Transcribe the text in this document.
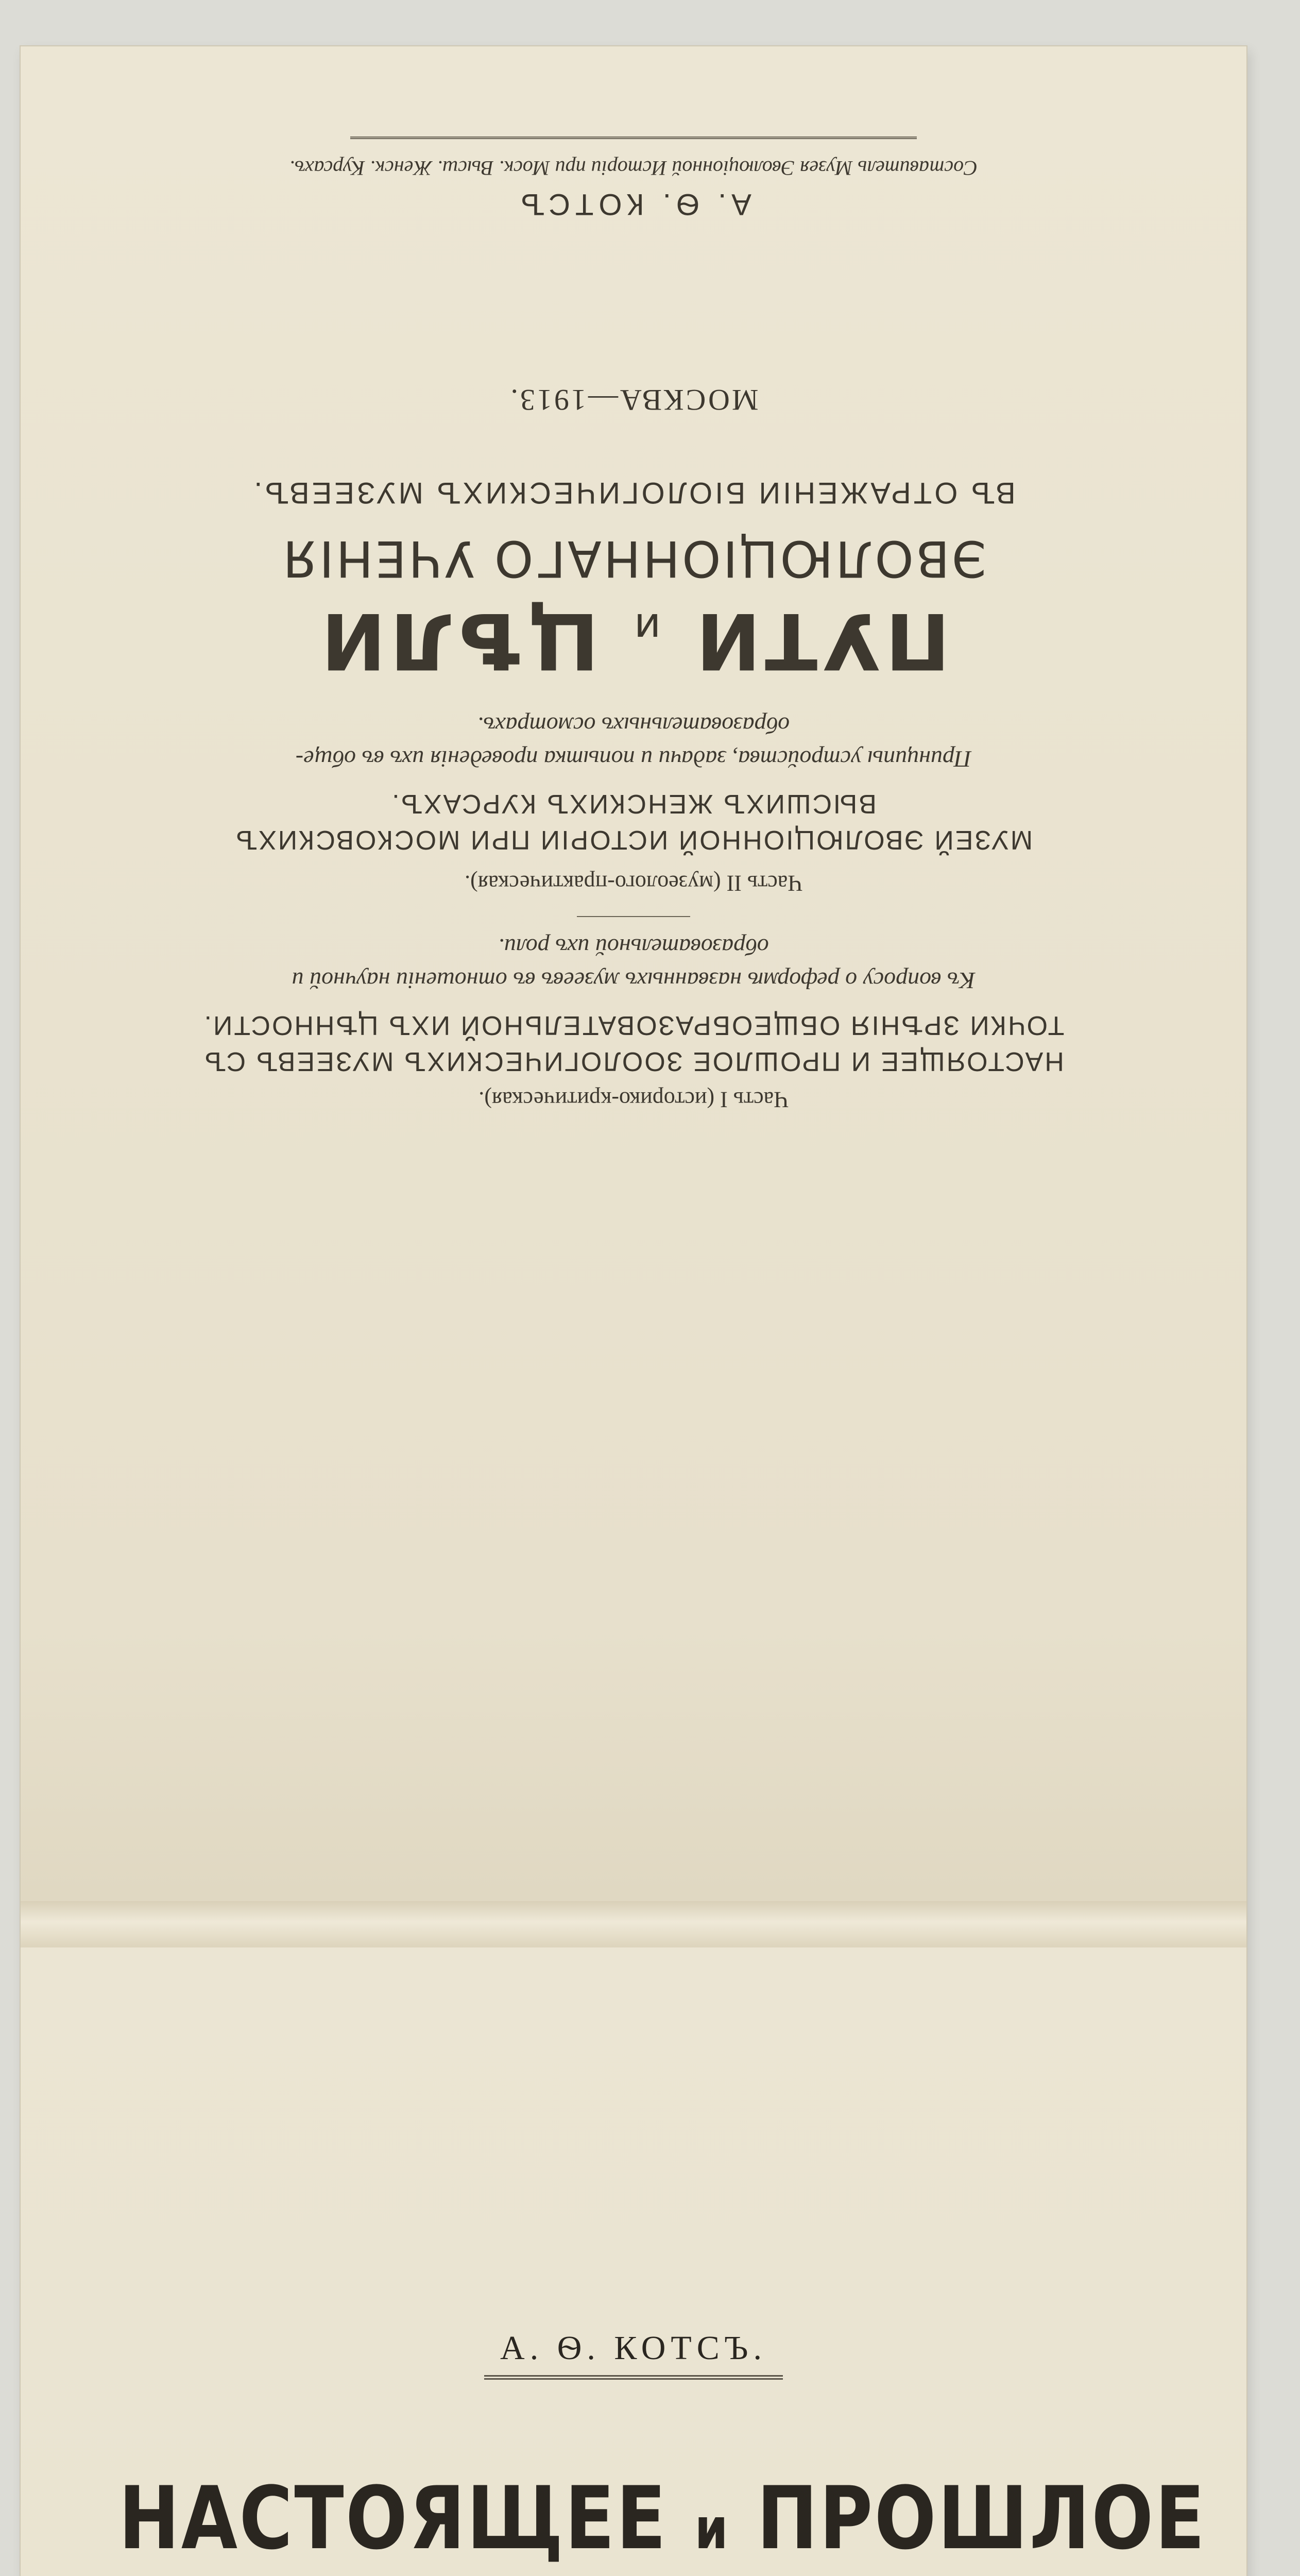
А. Ѳ. КОТСЪ
Составитель Музея Эволюціонной Исторіи при Моск. Высш. Женск. Курсахъ.
ПУТИ и ЦѢЛИ
ЭВОЛЮЦІОННАГО УЧЕНІЯ
ВЪ ОТРАЖЕНІИ БІОЛОГИЧЕСКИХЪ МУЗЕЕВЪ.
Часть I (историко-критическая).
НАСТОЯЩЕЕ И ПРОШЛОЕ ЗООЛОГИЧЕСКИХЪ МУЗЕЕВЪ СЪ
ТОЧКИ ЗРѢНІЯ ОБЩЕОБРАЗОВАТЕЛЬНОЙ ИХЪ ЦѢННОСТИ.
Къ вопросу о реформѣ названныхъ музеевъ въ отношеніи научной и
образовательной ихъ роли.
Часть II (музеолого-практическая).
МУЗЕЙ ЭВОЛЮЦІОННОЙ ИСТОРІИ ПРИ МОСКОВСКИХЪ
ВЫСШИХЪ ЖЕНСКИХЪ КУРСАХЪ.
Принципы устройства, задачи и попытка проведенія ихъ въ обще-
образовательныхъ осмотрахъ.
МОСКВА—1913.
А. Ѳ. КОТСЪ.
НАСТОЯЩЕЕ и ПРОШЛОЕ
